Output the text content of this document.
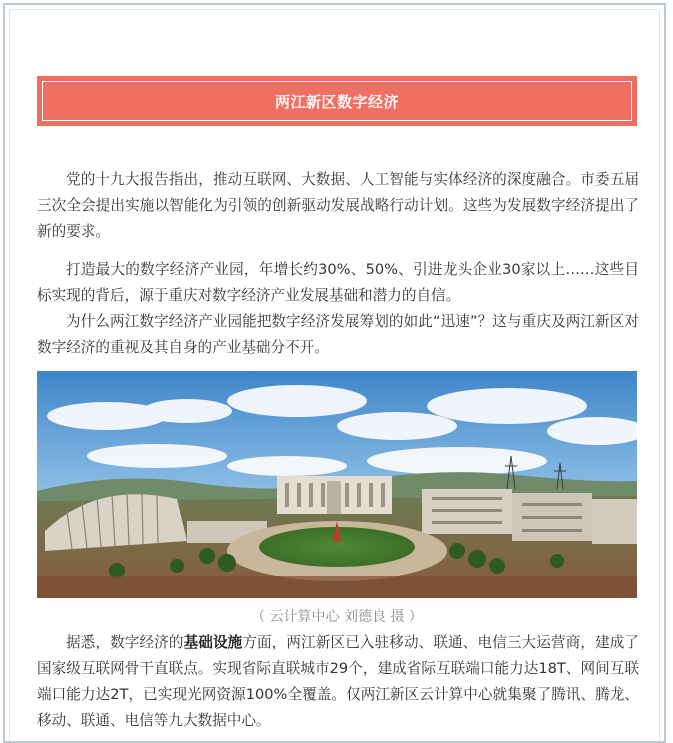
两江新区数字经济

党的十九大报告指出，推动互联网、大数据、人工智能与实体经济的深度融合。市委五届三次全会提出实施以智能化为引领的创新驱动发展战略行动计划。这些为发展数字经济提出了新的要求。

打造最大的数字经济产业园，年增长约30%、50%、引进龙头企业30家以上……这些目标实现的背后，源于重庆对数字经济产业发展基础和潜力的自信。

为什么两江数字经济产业园能把数字经济发展筹划的如此“迅速”？这与重庆及两江新区对数字经济的重视及其自身的产业基础分不开。

（ 云计算中心 刘德良 摄 ）

据悉，数字经济的基础设施方面，两江新区已入驻移动、联通、电信三大运营商，建成了国家级互联网骨干直联点。实现省际直联城市29个，建成省际互联端口能力达18T、网间互联端口能力达2T，已实现光网资源100%全覆盖。仅两江新区云计算中心就集聚了腾讯、腾龙、移动、联通、电信等九大数据中心。
